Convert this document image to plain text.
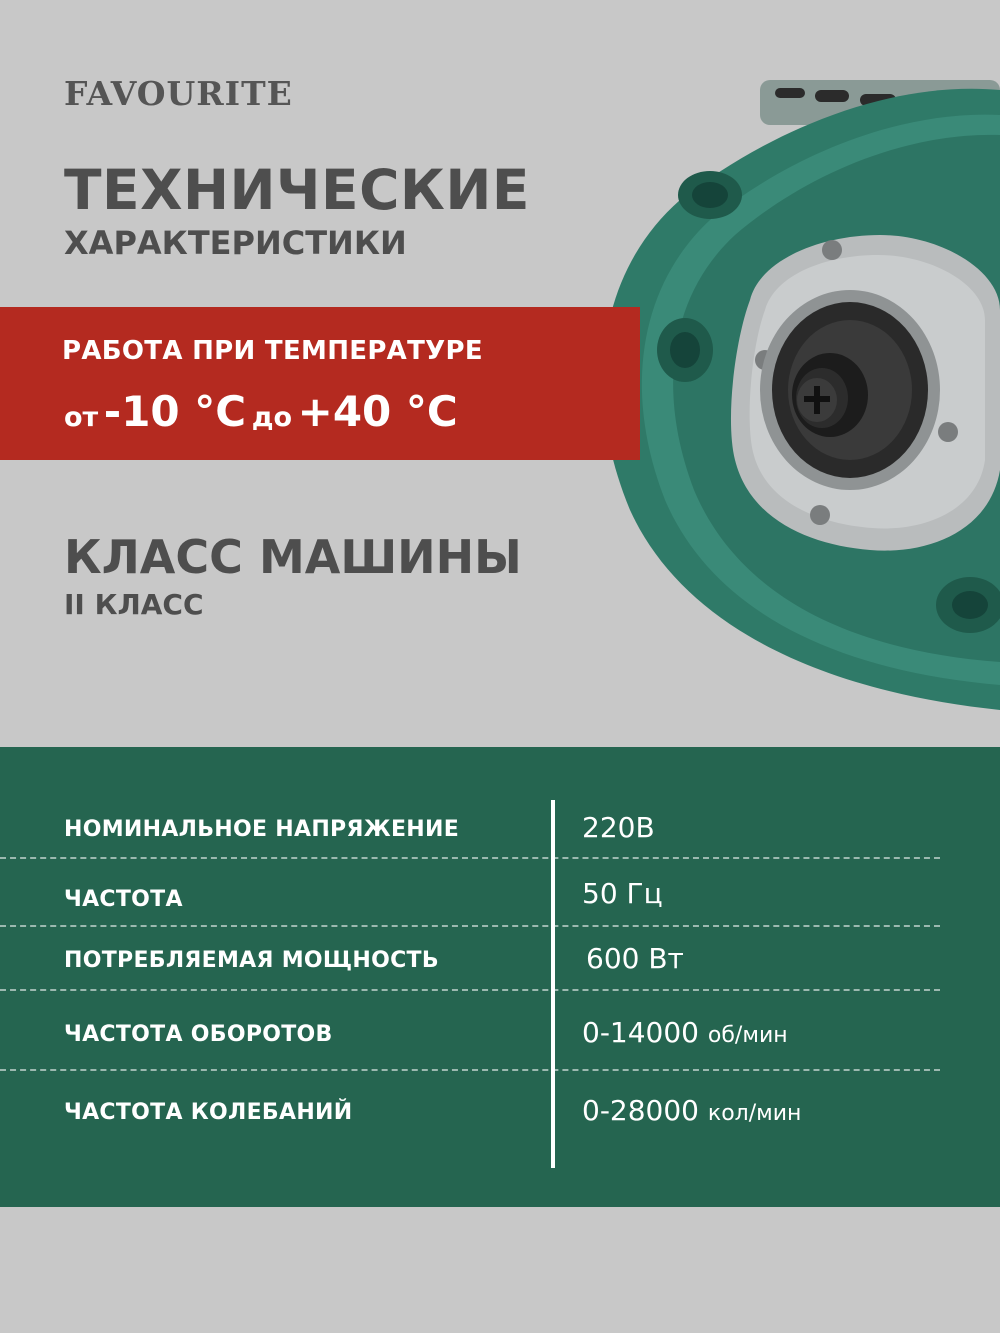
FAVOURITE
ТЕХНИЧЕСКИЕ
ХАРАКТЕРИСТИКИ
РАБОТА ПРИ ТЕМПЕРАТУРЕ
от -10 °C до +40 °C
КЛАСС МАШИНЫ
II КЛАСС
НОМИНАЛЬНОЕ НАПРЯЖЕНИЕ	220В
ЧАСТОТА	50 Гц
ПОТРЕБЛЯЕМАЯ МОЩНОСТЬ	600 Вт
ЧАСТОТА ОБОРОТОВ	0-14000 об/мин
ЧАСТОТА КОЛЕБАНИЙ	0-28000 кол/мин
